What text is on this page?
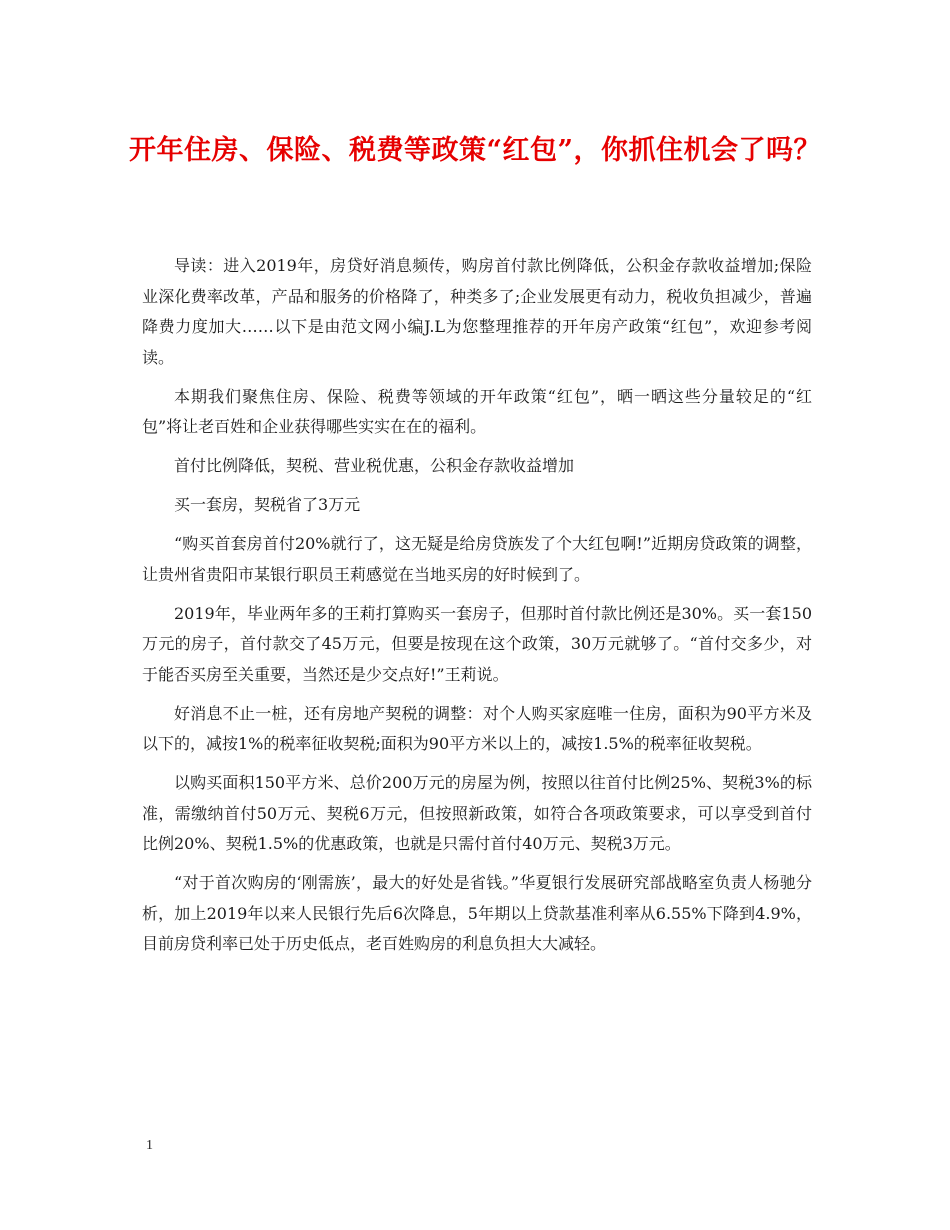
开年住房、保险、税费等政策“红包”，你抓住机会了吗？

导读：进入2019年，房贷好消息频传，购房首付款比例降低，公积金存款收益增加;保险业深化费率改革，产品和服务的价格降了，种类多了;企业发展更有动力，税收负担减少，普遍降费力度加大……以下是由范文网小编J.L为您整理推荐的开年房产政策“红包”，欢迎参考阅读。

本期我们聚焦住房、保险、税费等领域的开年政策“红包”，晒一晒这些分量较足的“红包”将让老百姓和企业获得哪些实实在在的福利。

首付比例降低，契税、营业税优惠，公积金存款收益增加

买一套房，契税省了3万元

“购买首套房首付20%就行了，这无疑是给房贷族发了个大红包啊!”近期房贷政策的调整，让贵州省贵阳市某银行职员王莉感觉在当地买房的好时候到了。

2019年，毕业两年多的王莉打算购买一套房子，但那时首付款比例还是30%。买一套150万元的房子，首付款交了45万元，但要是按现在这个政策，30万元就够了。“首付交多少，对于能否买房至关重要，当然还是少交点好!”王莉说。

好消息不止一桩，还有房地产契税的调整：对个人购买家庭唯一住房，面积为90平方米及以下的，减按1%的税率征收契税;面积为90平方米以上的，减按1.5%的税率征收契税。

以购买面积150平方米、总价200万元的房屋为例，按照以往首付比例25%、契税3%的标准，需缴纳首付50万元、契税6万元，但按照新政策，如符合各项政策要求，可以享受到首付比例20%、契税1.5%的优惠政策，也就是只需付首付40万元、契税3万元。

“对于首次购房的‘刚需族’，最大的好处是省钱。”华夏银行发展研究部战略室负责人杨驰分析，加上2019年以来人民银行先后6次降息，5年期以上贷款基准利率从6.55%下降到4.9%，目前房贷利率已处于历史低点，老百姓购房的利息负担大大减轻。

1
